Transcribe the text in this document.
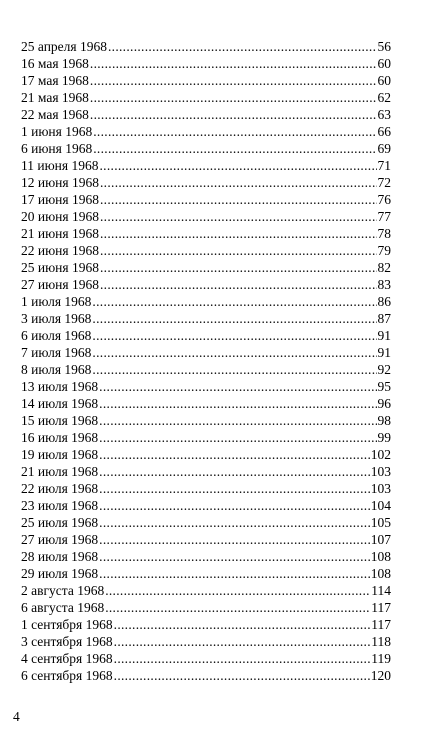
25 апреля 1968 .....	56
16 мая 1968 .....	60
17 мая 1968 .....	60
21 мая 1968 .....	62
22 мая 1968 .....	63
1 июня 1968 .....	66
6 июня 1968 .....	69
11 июня 1968 .....	71
12 июня 1968 .....	72
17 июня 1968 .....	76
20 июня 1968 .....	77
21 июня 1968 .....	78
22 июня 1968 .....	79
25 июня 1968 .....	82
27 июня 1968 .....	83
1 июля 1968 .....	86
3 июля 1968 .....	87
6 июля 1968 .....	91
7 июля 1968 .....	91
8 июля 1968 .....	92
13 июля 1968 .....	95
14 июля 1968 .....	96
15 июля 1968 .....	98
16 июля 1968 .....	99
19 июля 1968 .....	102
21 июля 1968 .....	103
22 июля 1968 .....	103
23 июля 1968 .....	104
25 июля 1968 .....	105
27 июля 1968 .....	107
28 июля 1968 .....	108
29 июля 1968 .....	108
2 августа 1968 .....	114
6 августа 1968 .....	117
1 сентября 1968 .....	117
3 сентября 1968 .....	118
4 сентября 1968 .....	119
6 сентября 1968 .....	120
4
